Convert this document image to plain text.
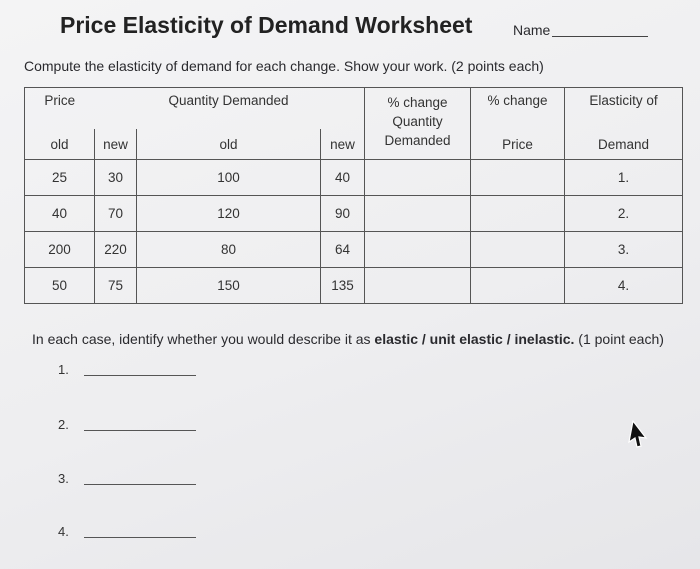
Price Elasticity of Demand Worksheet	Name
Compute the elasticity of demand for each change. Show your work. (2 points each)
Price		Quantity Demanded		% change Quantity Demanded	% change	Elasticity of
old	new	old	new		Price	Demand
25	30	100	40			1.
40	70	120	90			2.
200	220	80	64			3.
50	75	150	135			4.
In each case, identify whether you would describe it as elastic / unit elastic / inelastic. (1 point each)
1.
2.
3.
4.
